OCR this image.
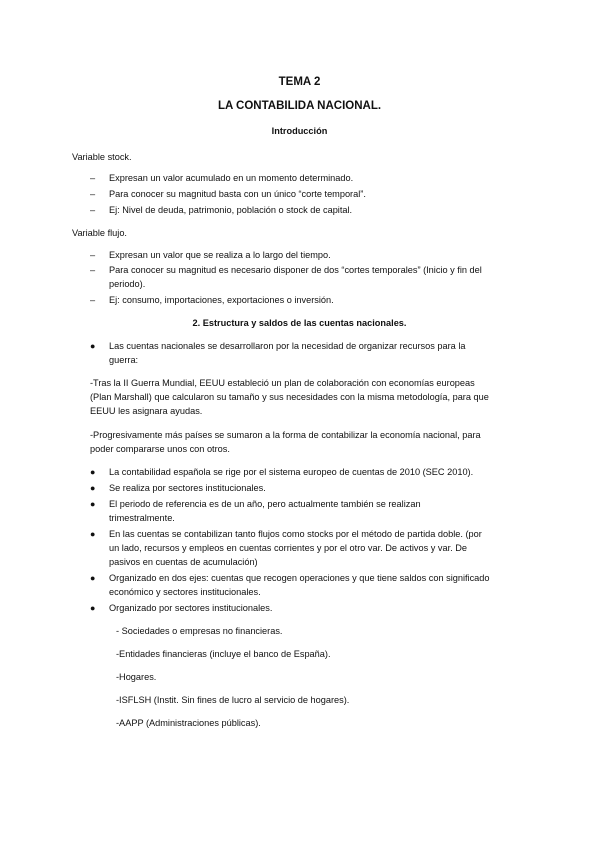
TEMA 2
LA CONTABILIDA NACIONAL.
Introducción
Variable stock.
– Expresan un valor acumulado en un momento determinado.
– Para conocer su magnitud basta con un único “corte temporal”.
– Ej: Nivel de deuda, patrimonio, población o stock de capital.
Variable flujo.
– Expresan un valor que se realiza a lo largo del tiempo.
– Para conocer su magnitud es necesario disponer de dos “cortes temporales” (Inicio y fin del
periodo).
– Ej: consumo, importaciones, exportaciones o inversión.
2. Estructura y saldos de las cuentas nacionales.
● Las cuentas nacionales se desarrollaron por la necesidad de organizar recursos para la
guerra:
-Tras la II Guerra Mundial, EEUU estableció un plan de colaboración con economías europeas
(Plan Marshall) que calcularon su tamaño y sus necesidades con la misma metodología, para que
EEUU les asignara ayudas.
-Progresivamente más países se sumaron a la forma de contabilizar la economía nacional, para
poder compararse unos con otros.
● La contabilidad española se rige por el sistema europeo de cuentas de 2010 (SEC 2010).
● Se realiza por sectores institucionales.
● El periodo de referencia es de un año, pero actualmente también se realizan
trimestralmente.
● En las cuentas se contabilizan tanto flujos como stocks por el método de partida doble. (por
un lado, recursos y empleos en cuentas corrientes y por el otro var. De activos y var. De
pasivos en cuentas de acumulación)
● Organizado en dos ejes: cuentas que recogen operaciones y que tiene saldos con significado
económico y sectores institucionales.
● Organizado por sectores institucionales.
- Sociedades o empresas no financieras.
-Entidades financieras (incluye el banco de España).
-Hogares.
-ISFLSH (Instit. Sin fines de lucro al servicio de hogares).
-AAPP (Administraciones públicas).
